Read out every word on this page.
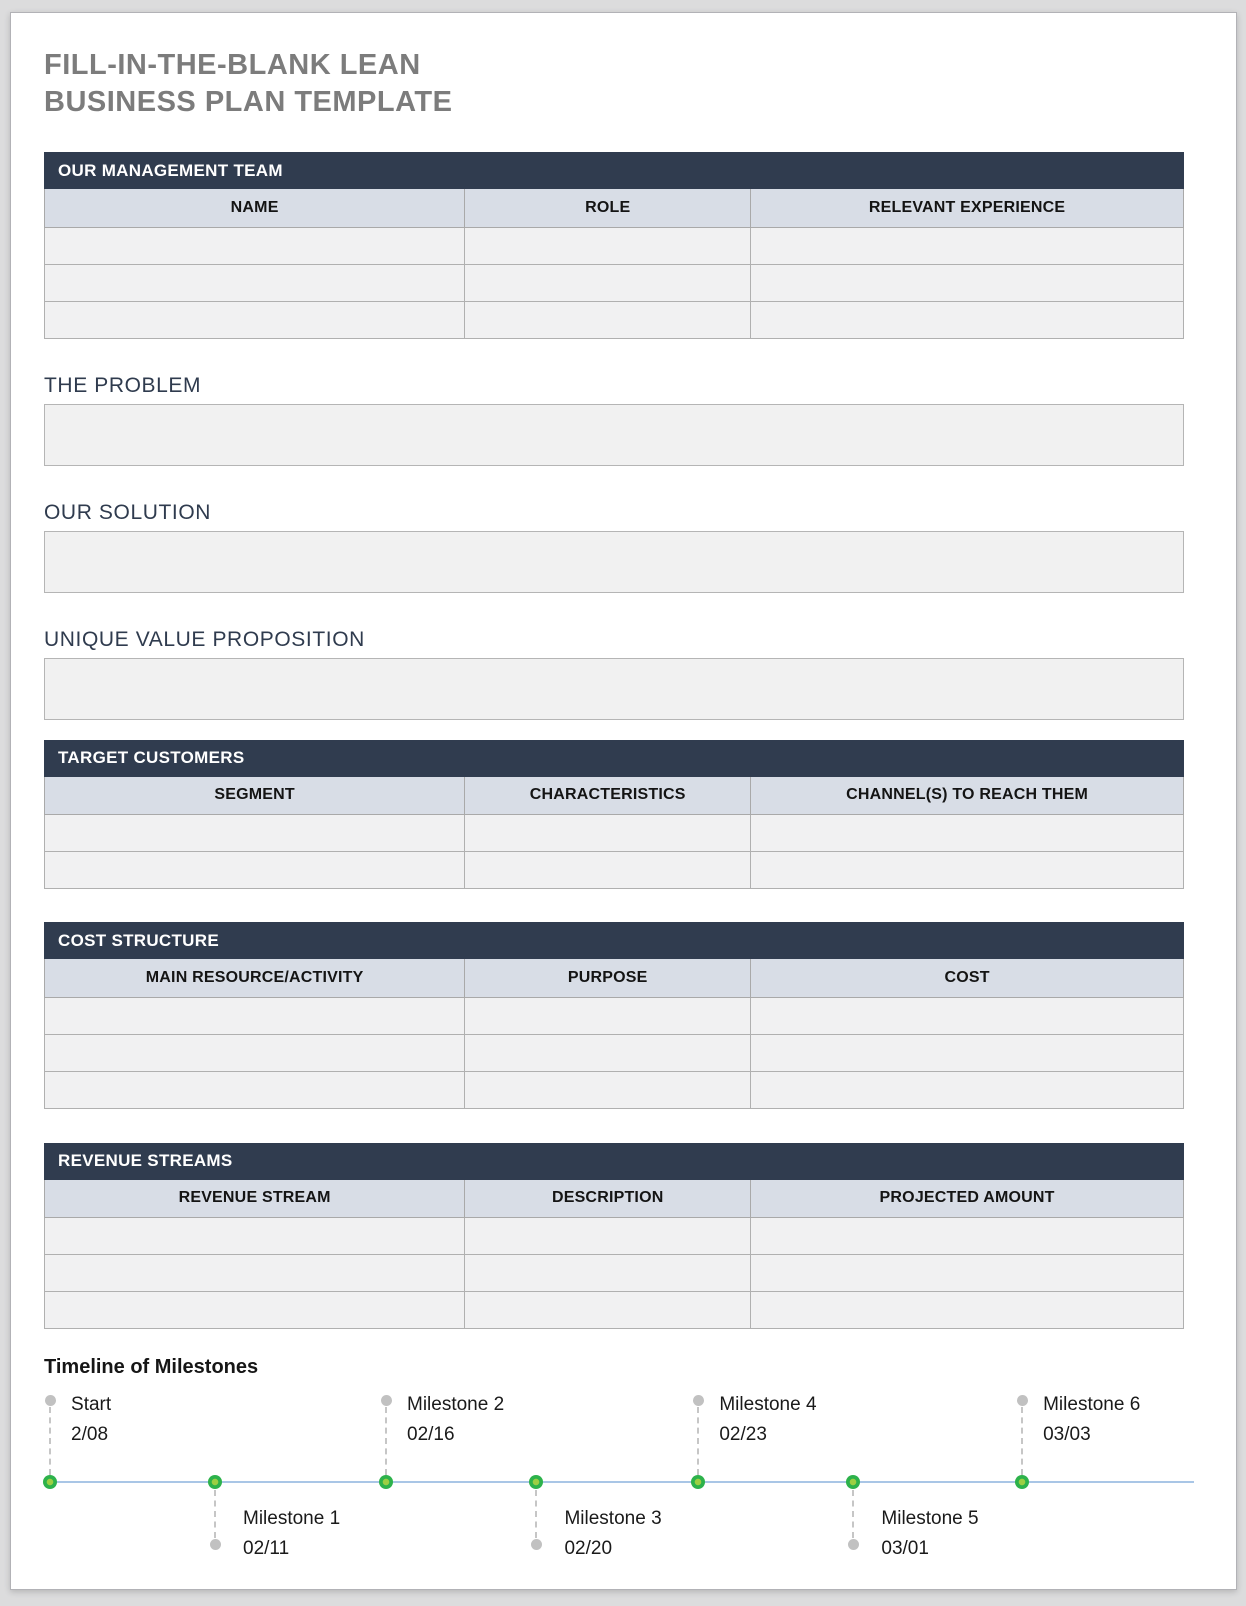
FILL-IN-THE-BLANK LEAN
BUSINESS PLAN TEMPLATE
OUR MANAGEMENT TEAM
NAME	ROLE	RELEVANT EXPERIENCE

THE PROBLEM
OUR SOLUTION
UNIQUE VALUE PROPOSITION
TARGET CUSTOMERS
SEGMENT	CHARACTERISTICS	CHANNEL(S) TO REACH THEM

COST STRUCTURE
MAIN RESOURCE/ACTIVITY	PURPOSE	COST

REVENUE STREAMS
REVENUE STREAM	DESCRIPTION	PROJECTED AMOUNT

Timeline of Milestones
Start
2/08
Milestone 1
02/11
Milestone 2
02/16
Milestone 3
02/20
Milestone 4
02/23
Milestone 5
03/01
Milestone 6
03/03
